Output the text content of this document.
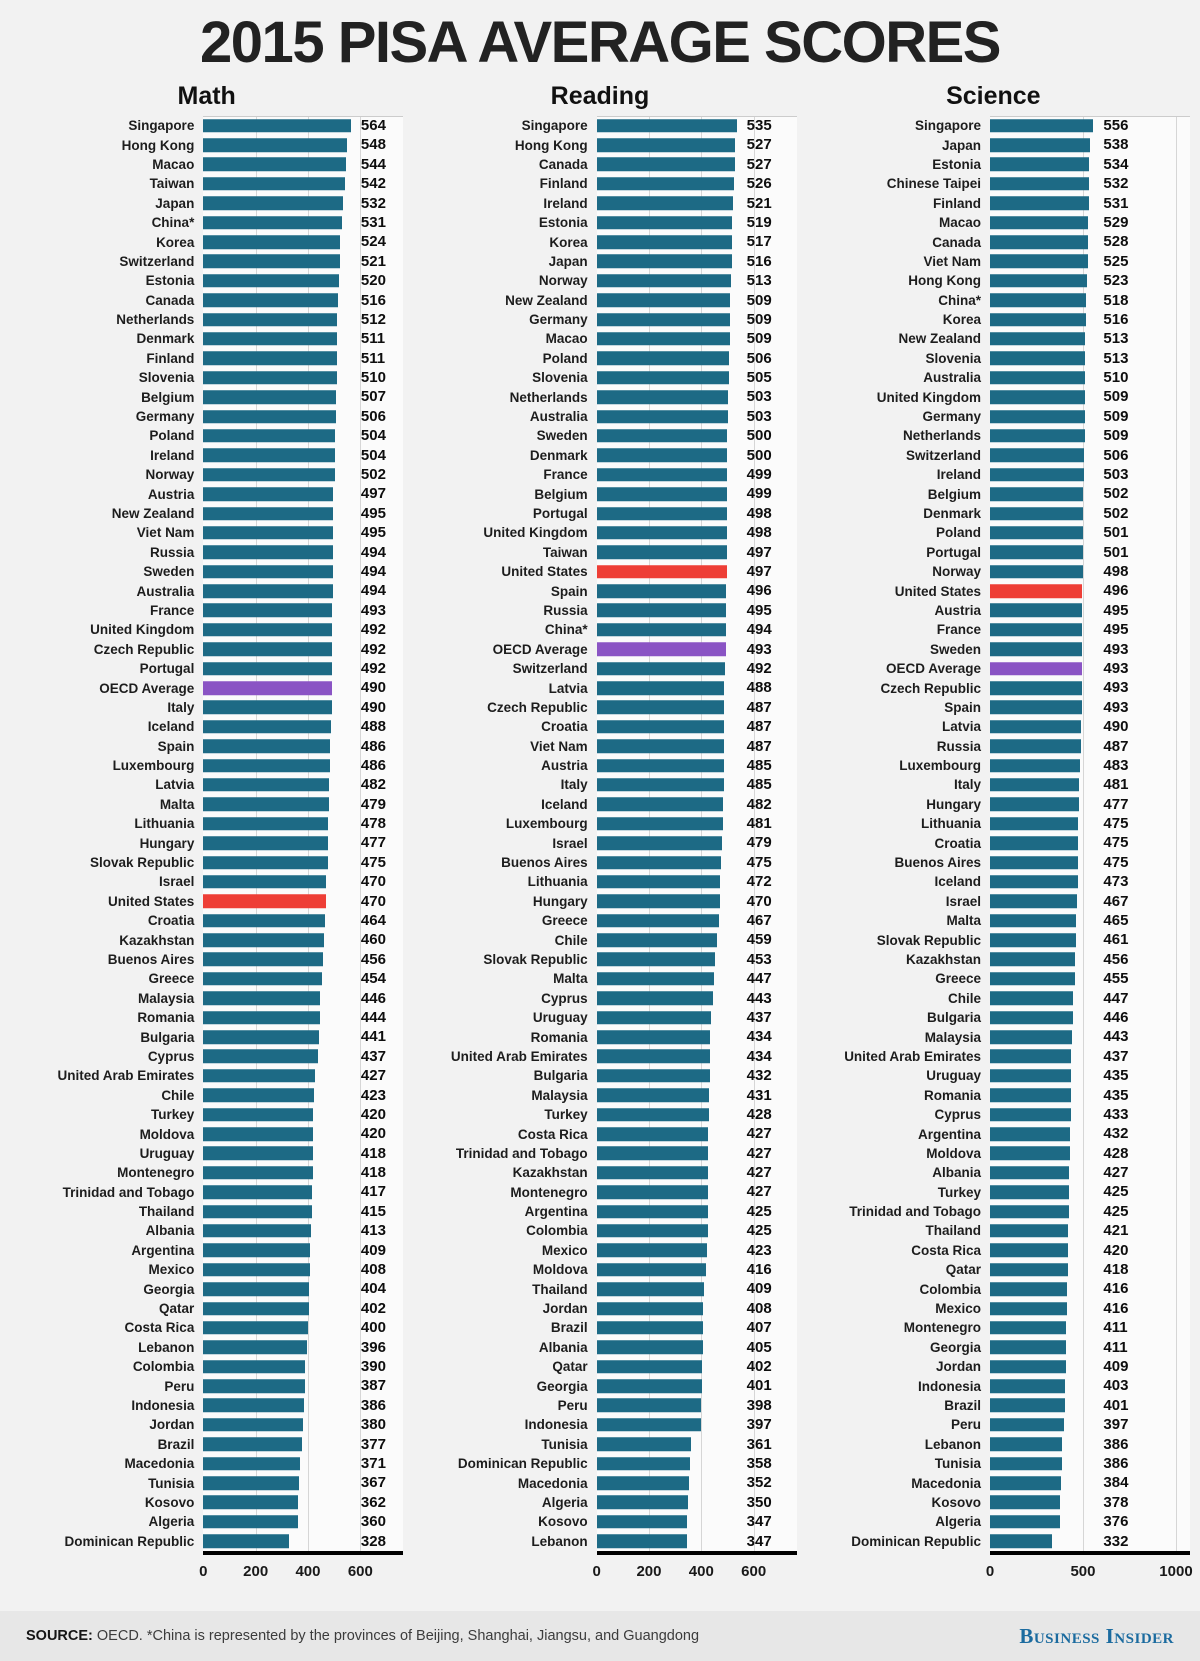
2015 PISA AVERAGE SCORES
Math
Singapore	564
Hong Kong	548
Macao	544
Taiwan	542
Japan	532
China*	531
Korea	524
Switzerland	521
Estonia	520
Canada	516
Netherlands	512
Denmark	511
Finland	511
Slovenia	510
Belgium	507
Germany	506
Poland	504
Ireland	504
Norway	502
Austria	497
New Zealand	495
Viet Nam	495
Russia	494
Sweden	494
Australia	494
France	493
United Kingdom	492
Czech Republic	492
Portugal	492
OECD Average	490
Italy	490
Iceland	488
Spain	486
Luxembourg	486
Latvia	482
Malta	479
Lithuania	478
Hungary	477
Slovak Republic	475
Israel	470
United States	470
Croatia	464
Kazakhstan	460
Buenos Aires	456
Greece	454
Malaysia	446
Romania	444
Bulgaria	441
Cyprus	437
United Arab Emirates	427
Chile	423
Turkey	420
Moldova	420
Uruguay	418
Montenegro	418
Trinidad and Tobago	417
Thailand	415
Albania	413
Argentina	409
Mexico	408
Georgia	404
Qatar	402
Costa Rica	400
Lebanon	396
Colombia	390
Peru	387
Indonesia	386
Jordan	380
Brazil	377
Macedonia	371
Tunisia	367
Kosovo	362
Algeria	360
Dominican Republic	328
0	200	400	600
Reading
Singapore	535
Hong Kong	527
Canada	527
Finland	526
Ireland	521
Estonia	519
Korea	517
Japan	516
Norway	513
New Zealand	509
Germany	509
Macao	509
Poland	506
Slovenia	505
Netherlands	503
Australia	503
Sweden	500
Denmark	500
France	499
Belgium	499
Portugal	498
United Kingdom	498
Taiwan	497
United States	497
Spain	496
Russia	495
China*	494
OECD Average	493
Switzerland	492
Latvia	488
Czech Republic	487
Croatia	487
Viet Nam	487
Austria	485
Italy	485
Iceland	482
Luxembourg	481
Israel	479
Buenos Aires	475
Lithuania	472
Hungary	470
Greece	467
Chile	459
Slovak Republic	453
Malta	447
Cyprus	443
Uruguay	437
Romania	434
United Arab Emirates	434
Bulgaria	432
Malaysia	431
Turkey	428
Costa Rica	427
Trinidad and Tobago	427
Kazakhstan	427
Montenegro	427
Argentina	425
Colombia	425
Mexico	423
Moldova	416
Thailand	409
Jordan	408
Brazil	407
Albania	405
Qatar	402
Georgia	401
Peru	398
Indonesia	397
Tunisia	361
Dominican Republic	358
Macedonia	352
Algeria	350
Kosovo	347
Lebanon	347
0	200	400	600
Science
Singapore	556
Japan	538
Estonia	534
Chinese Taipei	532
Finland	531
Macao	529
Canada	528
Viet Nam	525
Hong Kong	523
China*	518
Korea	516
New Zealand	513
Slovenia	513
Australia	510
United Kingdom	509
Germany	509
Netherlands	509
Switzerland	506
Ireland	503
Belgium	502
Denmark	502
Poland	501
Portugal	501
Norway	498
United States	496
Austria	495
France	495
Sweden	493
OECD Average	493
Czech Republic	493
Spain	493
Latvia	490
Russia	487
Luxembourg	483
Italy	481
Hungary	477
Lithuania	475
Croatia	475
Buenos Aires	475
Iceland	473
Israel	467
Malta	465
Slovak Republic	461
Kazakhstan	456
Greece	455
Chile	447
Bulgaria	446
Malaysia	443
United Arab Emirates	437
Uruguay	435
Romania	435
Cyprus	433
Argentina	432
Moldova	428
Albania	427
Turkey	425
Trinidad and Tobago	425
Thailand	421
Costa Rica	420
Qatar	418
Colombia	416
Mexico	416
Montenegro	411
Georgia	411
Jordan	409
Indonesia	403
Brazil	401
Peru	397
Lebanon	386
Tunisia	386
Macedonia	384
Kosovo	378
Algeria	376
Dominican Republic	332
0	500	1000
SOURCE: OECD. *China is represented by the provinces of Beijing, Shanghai, Jiangsu, and Guangdong	Business Insider
